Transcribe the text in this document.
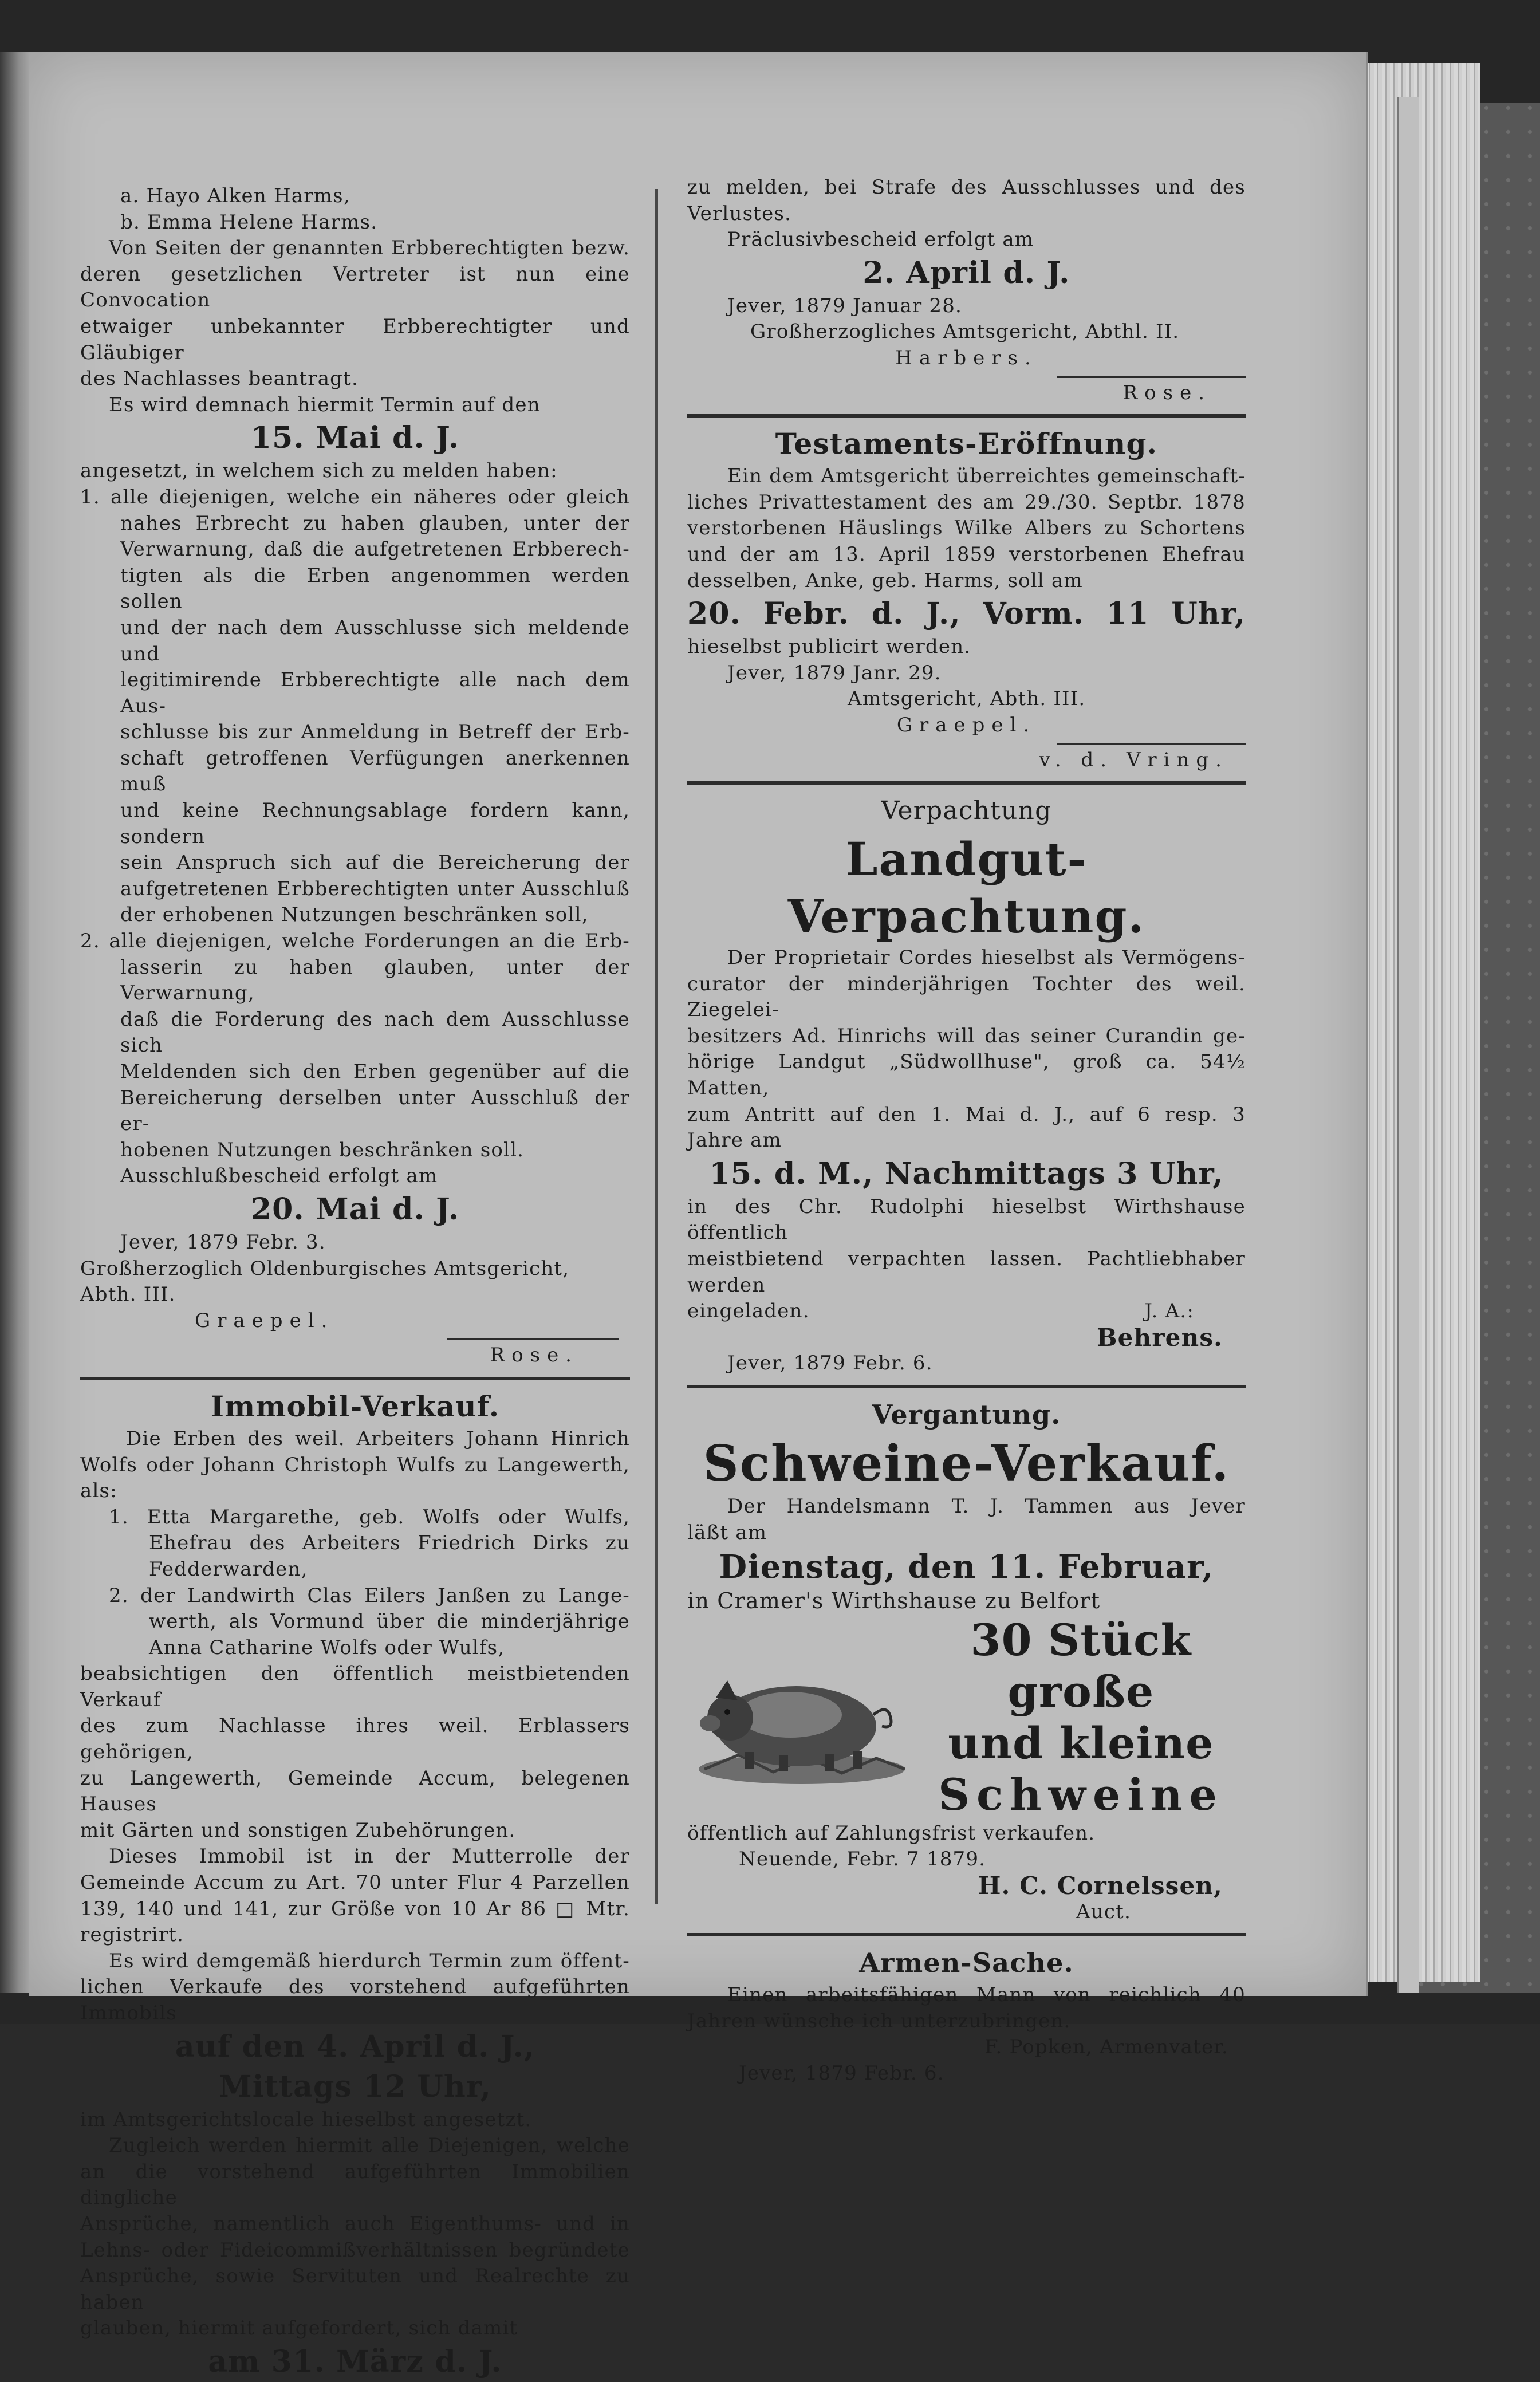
a. Hayo Alken Harms,

b. Emma Helene Harms.

Von Seiten der genannten Erbberechtigten bezw.

deren gesetzlichen Vertreter ist nun eine Convocation

etwaiger unbekannter Erbberechtigter und Gläubiger

des Nachlasses beantragt.

Es wird demnach hiermit Termin auf den

15. Mai d. J.

angesetzt, in welchem sich zu melden haben:

1. alle diejenigen, welche ein näheres oder gleich

nahes Erbrecht zu haben glauben, unter der

Verwarnung, daß die aufgetretenen Erbberech-

tigten als die Erben angenommen werden sollen

und der nach dem Ausschlusse sich meldende und

legitimirende Erbberechtigte alle nach dem Aus-

schlusse bis zur Anmeldung in Betreff der Erb-

schaft getroffenen Verfügungen anerkennen muß

und keine Rechnungsablage fordern kann, sondern

sein Anspruch sich auf die Bereicherung der

aufgetretenen Erbberechtigten unter Ausschluß

der erhobenen Nutzungen beschränken soll,

2. alle diejenigen, welche Forderungen an die Erb-

lasserin zu haben glauben, unter der Verwarnung,

daß die Forderung des nach dem Ausschlusse sich

Meldenden sich den Erben gegenüber auf die

Bereicherung derselben unter Ausschluß der er-

hobenen Nutzungen beschränken soll.

Ausschlußbescheid erfolgt am

20. Mai d. J.

Jever, 1879 Febr. 3.

Großherzoglich Oldenburgisches Amtsgericht, Abth. III.

Graepel.

Rose.

Immobil-Verkauf.

Die Erben des weil. Arbeiters Johann Hinrich

Wolfs oder Johann Christoph Wulfs zu Langewerth,

als:

1. Etta Margarethe, geb. Wolfs oder Wulfs,

Ehefrau des Arbeiters Friedrich Dirks zu

Fedderwarden,

2. der Landwirth Clas Eilers Janßen zu Lange-

werth, als Vormund über die minderjährige

Anna Catharine Wolfs oder Wulfs,

beabsichtigen den öffentlich meistbietenden Verkauf

des zum Nachlasse ihres weil. Erblassers gehörigen,

zu Langewerth, Gemeinde Accum, belegenen Hauses

mit Gärten und sonstigen Zubehörungen.

Dieses Immobil ist in der Mutterrolle der

Gemeinde Accum zu Art. 70 unter Flur 4 Parzellen

139, 140 und 141, zur Größe von 10 Ar 86 □ Mtr.

registrirt.

Es wird demgemäß hierdurch Termin zum öffent-

lichen Verkaufe des vorstehend aufgeführten Immobils

auf den 4. April d. J.,

Mittags 12 Uhr,

im Amtsgerichtslocale hieselbst angesetzt.

Zugleich werden hiermit alle Diejenigen, welche

an die vorstehend aufgeführten Immobilien dingliche

Ansprüche, namentlich auch Eigenthums- und in

Lehns- oder Fideicommißverhältnissen begründete

Ansprüche, sowie Servituten und Realrechte zu haben

glauben, hiermit aufgefordert, sich damit

am 31. März d. J.

zu melden, bei Strafe des Ausschlusses und des

Verlustes.

Präclusivbescheid erfolgt am

2. April d. J.

Jever, 1879 Januar 28.

Großherzogliches Amtsgericht, Abthl. II.

Harbers.

Rose.

Testaments-Eröffnung.

Ein dem Amtsgericht überreichtes gemeinschaft-

liches Privattestament des am 29./30. Septbr. 1878

verstorbenen Häuslings Wilke Albers zu Schortens

und der am 13. April 1859 verstorbenen Ehefrau

desselben, Anke, geb. Harms, soll am

20. Febr. d. J., Vorm. 11 Uhr,

hieselbst publicirt werden.

Jever, 1879 Janr. 29.

Amtsgericht, Abth. III.

Graepel.

v. d. Vring.

Verpachtung

Landgut-Verpachtung.

Der Proprietair Cordes hieselbst als Vermögens-

curator der minderjährigen Tochter des weil. Ziegelei-

besitzers Ad. Hinrichs will das seiner Curandin ge-

hörige Landgut „Südwollhuse", groß ca. 54½ Matten,

zum Antritt auf den 1. Mai d. J., auf 6 resp. 3

Jahre am

15. d. M., Nachmittags 3 Uhr,

in des Chr. Rudolphi hieselbst Wirthshause öffentlich

meistbietend verpachten lassen. Pachtliebhaber werden

eingeladen.	J. A.:

Behrens.

Jever, 1879 Febr. 6.

Vergantung.

Schweine-Verkauf.

Der Handelsmann T. J. Tammen aus Jever

läßt am

Dienstag, den 11. Februar,

in Cramer's Wirthshause zu Belfort

30 Stück große
und kleine
Schweine

öffentlich auf Zahlungsfrist verkaufen.

Neuende, Febr. 7 1879.

H. C. Cornelssen,

Auct.

Armen-Sache.

Einen arbeitsfähigen Mann von reichlich 40

Jahren wünsche ich unterzubringen.

F. Popken, Armenvater.

Jever, 1879 Febr. 6.
